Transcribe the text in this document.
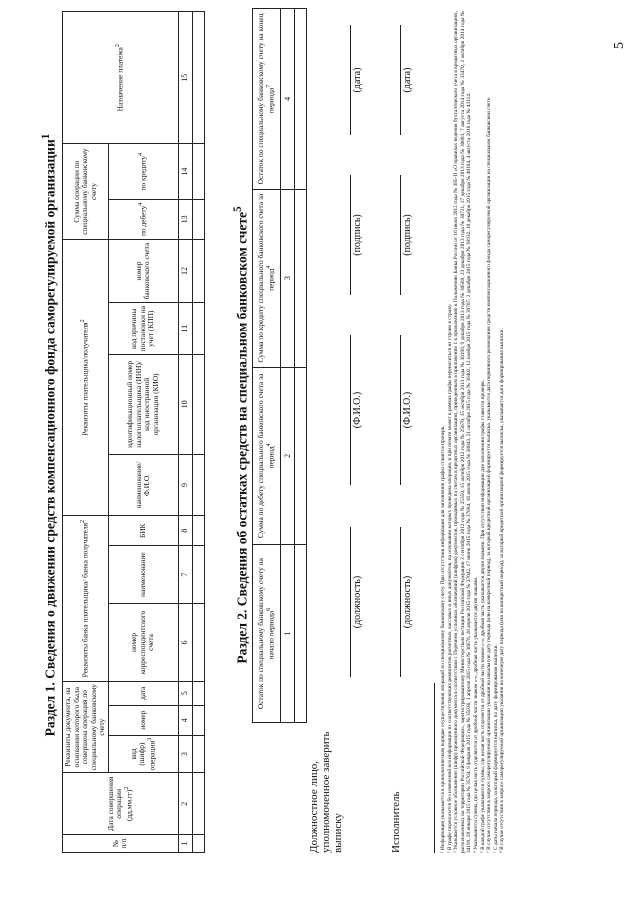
Раздел 1. Сведения о движении средств компенсационного фонда саморегулируемой организации$^1$
№ п/п	Дата совершения операции $(дд.мм.гг)^2$	Реквизиты документа, на основании которого была совершена операция по специальному банковскому счету			Реквизиты банка плательщика/ банка получателя$^2$			Реквизиты плательщика/получателя$^2$				Сумма операции по специальному банковскому счету		Назначение платежа$^2$
		вид (шифр) операции$^3$	номер	дата	номер корреспондентского счета	наименование	БИК	наименование/ Ф.И.О.	идентификационный номер налогоплательщика (ИНН)/ код иностранной организации (КИО)	код причины постановки на учет (КПП)	номер банковского счета	по дебету$^4$	по кредиту$^4$
1	2	3	4	5	6	7	8	9	10	11	12	13	14	15

Раздел 2. Сведения об остатках средств на специальном банковском счете$^5$
Остаток по специальному банковскому счету на начало периода$^6$	Сумма по дебету специального банковского счета за период$^4$	Сумма по кредиту специального банковского счета за период$^4$	Остаток по специальному банковскому счету на конец периода$^7$
1	2	3	4

Должностное лицо, уполномоченное заверить выписку
(должность)
(Ф.И.О.)
(подпись)
(дата)
Исполнитель
(должность)
(Ф.И.О.)
(подпись)
(дата)
¹ Информация указывается в хронологическом порядке осуществления операций по специальному банковскому счету. При отсутствии информации для заполнения графы ставится прочерк. ² В графе переносится без изменений вся информация из соответствующих реквизитов расчетных, кассовых и иных документов, на основании которых проведена операция, и при печати может в рамках графы переноситься из строки в строку. ³ Указывается условное обозначение (шифр) проведенного документа в соответствии с Перечнем условных обозначений (шифров) документов, проводимых по счетам в кредитных организациях, приведенным в приложении 1 к приложению к Положению Банка России от 16 июля 2012 года № 385-П «О правилах ведения бухгалтерского учета в кредитных организациях, расположенных на территории Российской Федерации», зарегистрированному Министерством юстиции Российской Федерации 3 сентября 2012 года № 25350, 15 октября 2012 года № 25670, 15 октября 2013 года № 30198, 9 декабря 2013 года № 30568, 23 декабря 2013 года № 30721, 27 декабря 2013 года № 30883, 7 августа 2014 года № 33470, 2 октября 2014 года № 34199, 28 января 2015 года № 35764, 9 февраля 2015 года № 35936, 1 апреля 2015 года № 36678, 28 апреля 2015 года № 37042, 17 июня 2015 года № 37684, 16 июля 2015 года № 38043, 21 октября 2015 года № 39402, 12 ноября 2015 года № 39707, 2 декабря 2015 года № 39932, 18 декабря 2015 года № 40164, 4 августа 2016 года № 43114. ⁴ Указываются суммы, где целая часть отделяется от дробной части знаком «-», дробная часть указывается двумя знаками. ⁵ В каждой графе указываются суммы, где целая часть отделяется от дробной части знаком «-», дробная часть указывается двумя знаками. При отсутствии информации для заполнения графы ставится прочерк. ⁶ В случае отсутствия в запросе саморегулируемой организации указания на начальную дату периода (или на конкретный период), за который кредитной организацией формируется выписка, указывается дата первичного размещения средств компенсационного фонда саморегулируемой организации на специальном банковском счете. ⁷ С даты начала периода, за который формируется выписка, по дату формирования выписки. ⁸ В случае отсутствия в запросе саморегулируемой организации указания на конечную дату периода (или на конкретный период), за который кредитной организацией формируется выписка, указывается дата формирования выписки.
5
